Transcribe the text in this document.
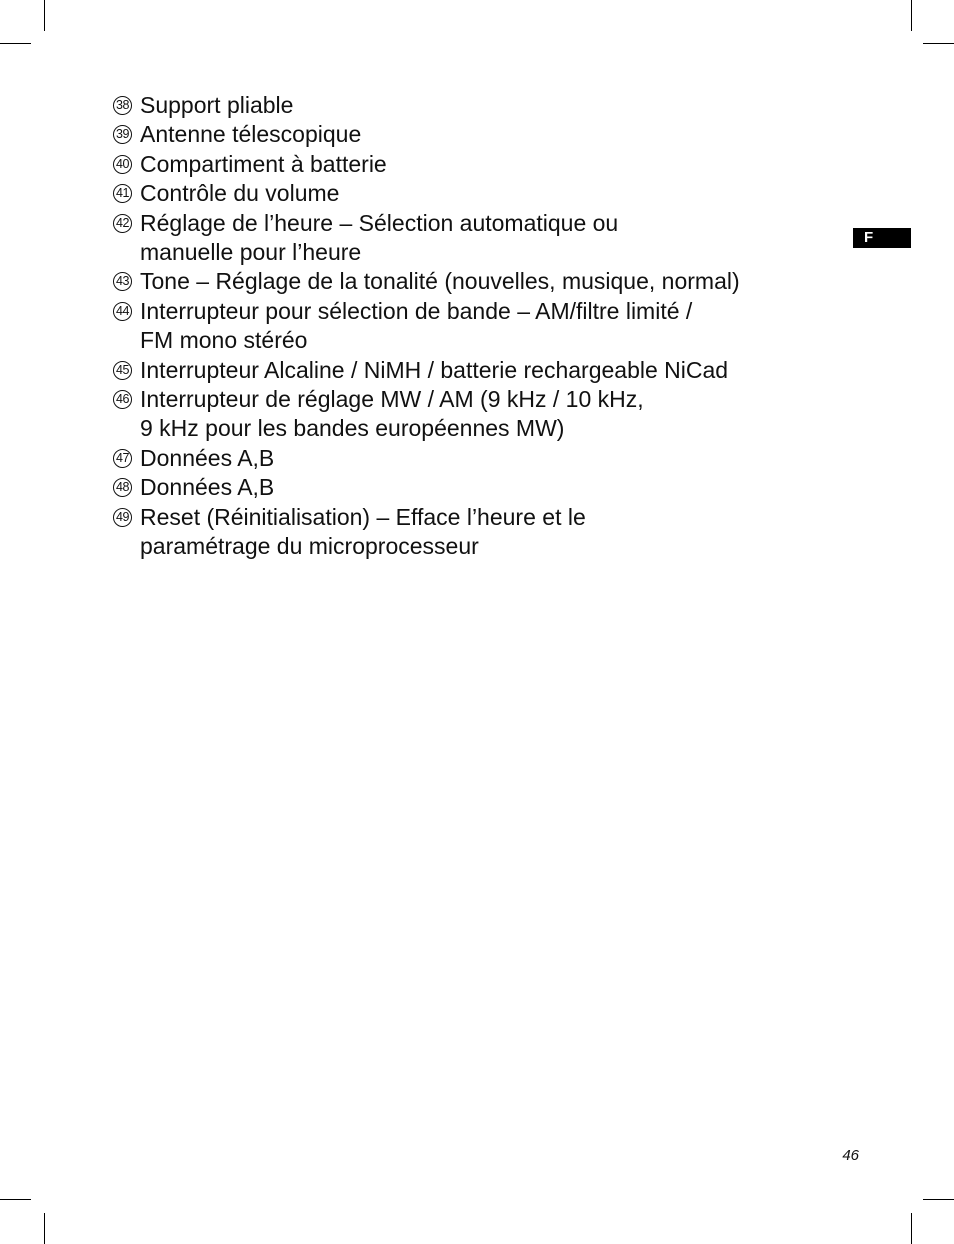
38 Support pliable
39 Antenne télescopique
40 Compartiment à batterie
41 Contrôle du volume
42 Réglage de l’heure – Sélection automatique ou
manuelle pour l’heure
43 Tone – Réglage de la tonalité (nouvelles, musique, normal)
44 Interrupteur pour sélection de bande – AM/filtre limité /
FM mono stéréo
45 Interrupteur Alcaline / NiMH / batterie rechargeable NiCad
46 Interrupteur de réglage MW / AM (9 kHz / 10 kHz,
9 kHz pour les bandes européennes MW)
47 Données A,B
48 Données A,B
49 Reset (Réinitialisation) – Efface l’heure et le
paramétrage du microprocesseur
F
46
